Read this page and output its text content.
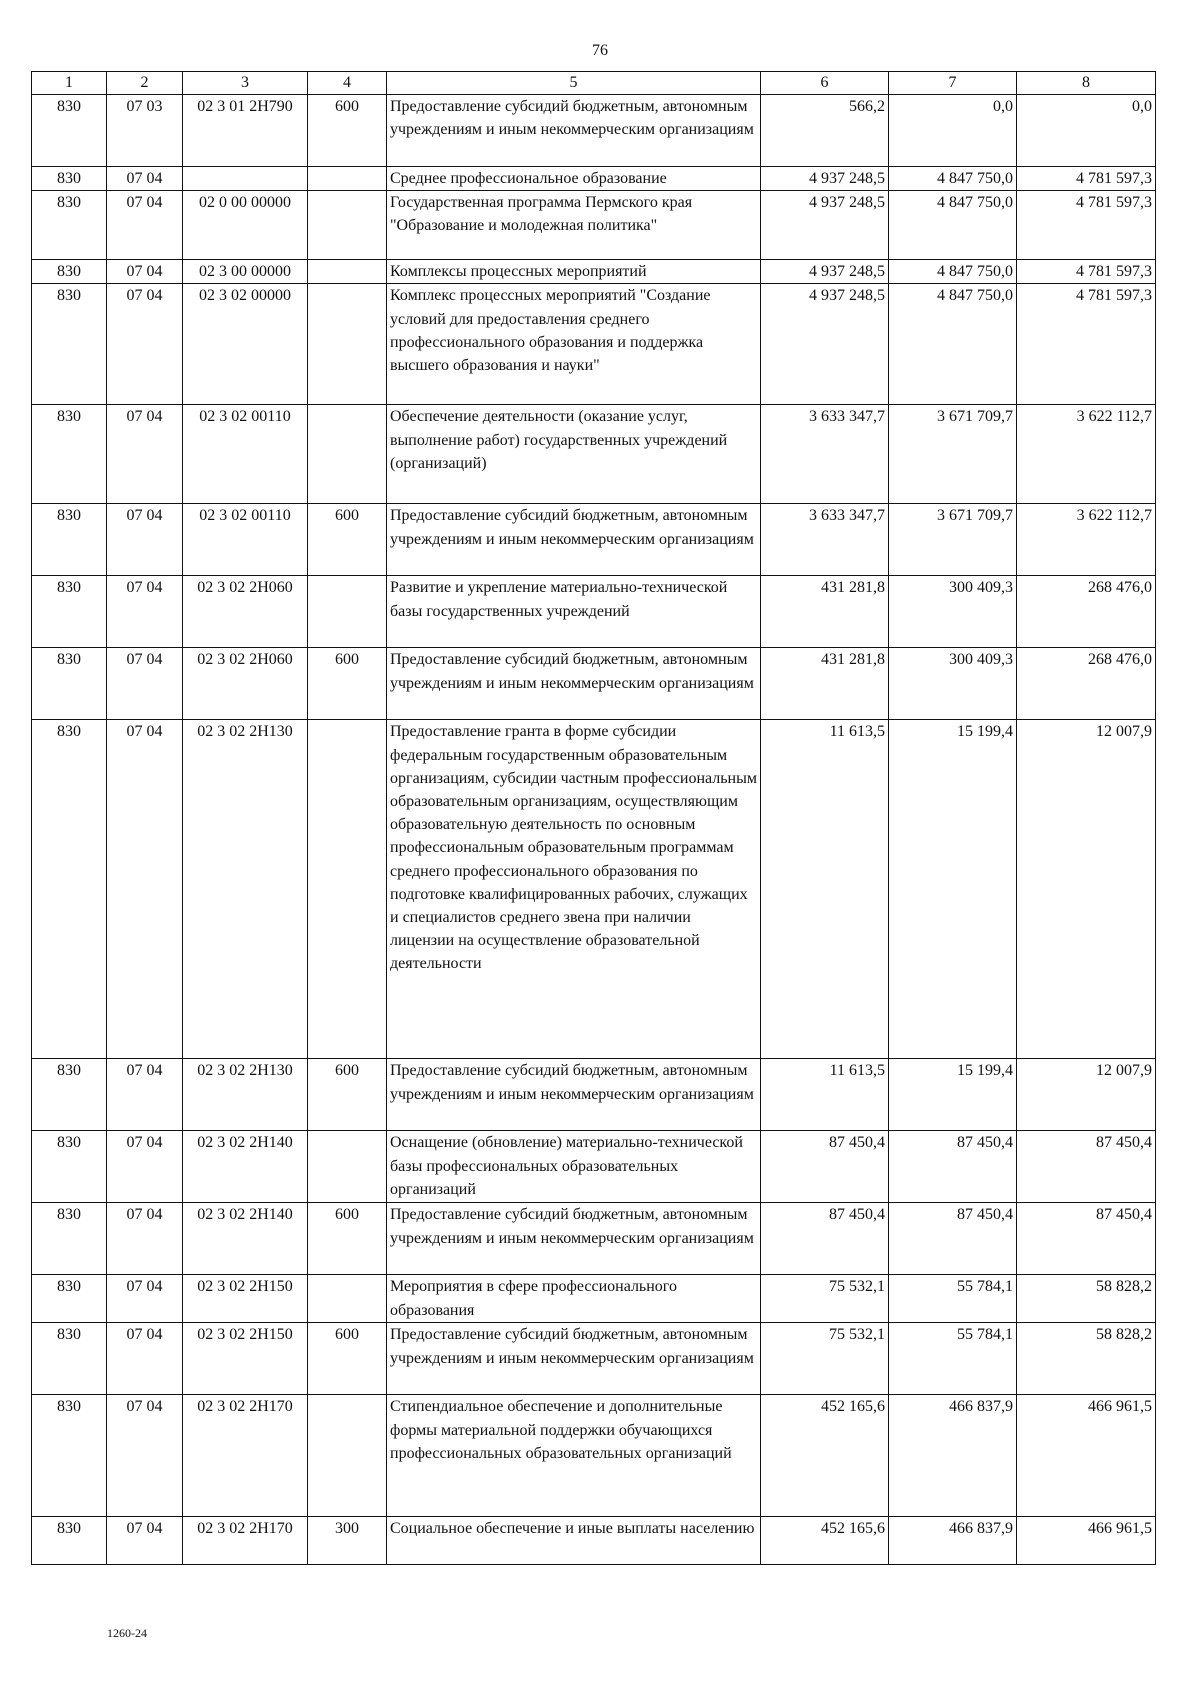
76
1	2	3	4	5	6	7	8
830	07 03	02 3 01 2Н790	600	Предоставление субсидий бюджетным, автономным учреждениям и иным некоммерческим организациям	566,2	0,0	0,0
830	07 04			Среднее профессиональное образование	4 937 248,5	4 847 750,0	4 781 597,3
830	07 04	02 0 00 00000		Государственная программа Пермского края "Образование и молодежная политика"	4 937 248,5	4 847 750,0	4 781 597,3
830	07 04	02 3 00 00000		Комплексы процессных мероприятий	4 937 248,5	4 847 750,0	4 781 597,3
830	07 04	02 3 02 00000		Комплекс процессных мероприятий "Создание условий для предоставления среднего профессионального образования и поддержка высшего образования и науки"	4 937 248,5	4 847 750,0	4 781 597,3
830	07 04	02 3 02 00110		Обеспечение деятельности (оказание услуг, выполнение работ) государственных учреждений (организаций)	3 633 347,7	3 671 709,7	3 622 112,7
830	07 04	02 3 02 00110	600	Предоставление субсидий бюджетным, автономным учреждениям и иным некоммерческим организациям	3 633 347,7	3 671 709,7	3 622 112,7
830	07 04	02 3 02 2Н060		Развитие и укрепление материально-технической базы государственных учреждений	431 281,8	300 409,3	268 476,0
830	07 04	02 3 02 2Н060	600	Предоставление субсидий бюджетным, автономным учреждениям и иным некоммерческим организациям	431 281,8	300 409,3	268 476,0
830	07 04	02 3 02 2Н130		Предоставление гранта в форме субсидии федеральным государственным образовательным организациям, субсидии частным профессиональным образовательным организациям, осуществляющим образовательную деятельность по основным профессиональным образовательным программам среднего профессионального образования по подготовке квалифицированных рабочих, служащих и специалистов среднего звена при наличии лицензии на осуществление образовательной деятельности	11 613,5	15 199,4	12 007,9
830	07 04	02 3 02 2Н130	600	Предоставление субсидий бюджетным, автономным учреждениям и иным некоммерческим организациям	11 613,5	15 199,4	12 007,9
830	07 04	02 3 02 2Н140		Оснащение (обновление) материально-технической базы профессиональных образовательных организаций	87 450,4	87 450,4	87 450,4
830	07 04	02 3 02 2Н140	600	Предоставление субсидий бюджетным, автономным учреждениям и иным некоммерческим организациям	87 450,4	87 450,4	87 450,4
830	07 04	02 3 02 2Н150		Мероприятия в сфере профессионального образования	75 532,1	55 784,1	58 828,2
830	07 04	02 3 02 2Н150	600	Предоставление субсидий бюджетным, автономным учреждениям и иным некоммерческим организациям	75 532,1	55 784,1	58 828,2
830	07 04	02 3 02 2Н170		Стипендиальное обеспечение и дополнительные формы материальной поддержки обучающихся профессиональных образовательных организаций	452 165,6	466 837,9	466 961,5
830	07 04	02 3 02 2Н170	300	Социальное обеспечение и иные выплаты населению	452 165,6	466 837,9	466 961,5
1260-24
